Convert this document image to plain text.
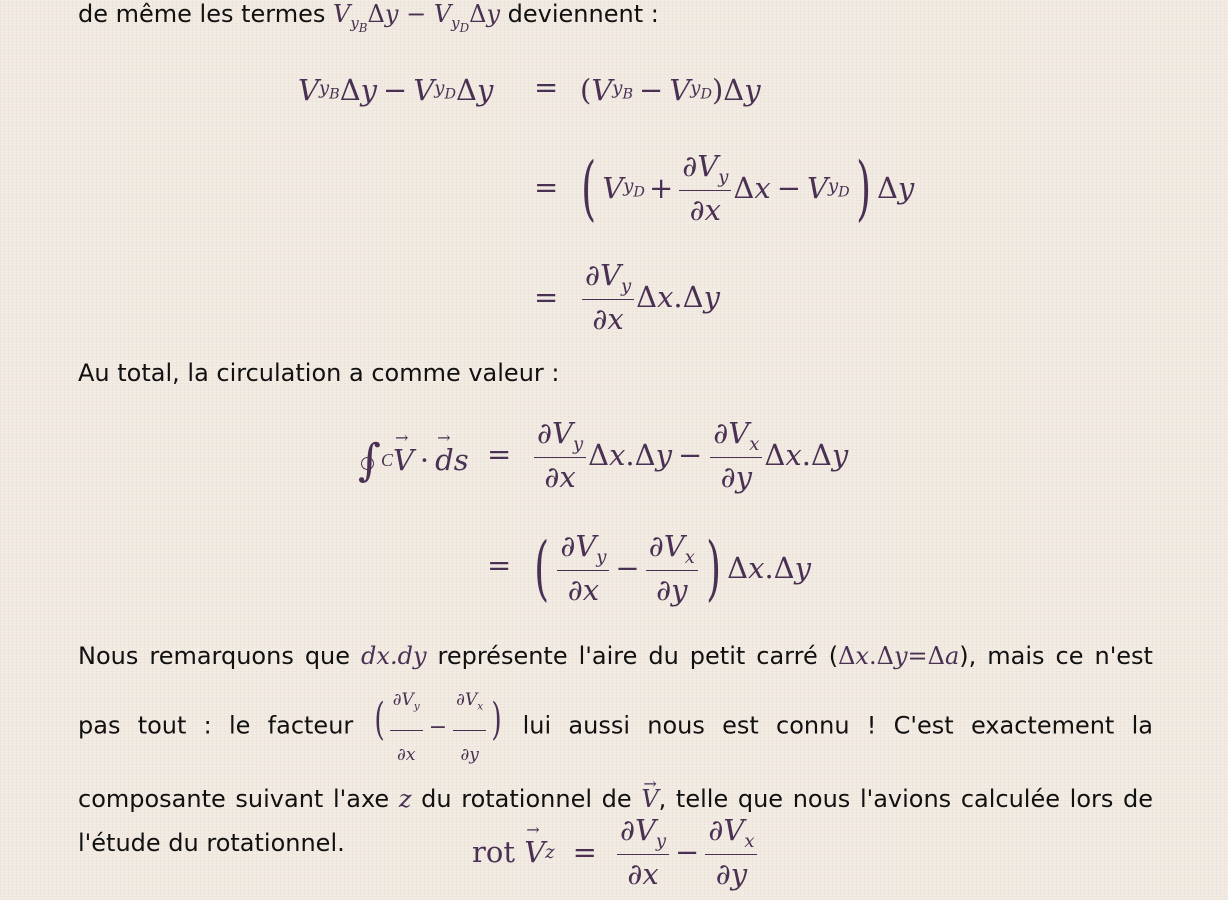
de même les termes $V_{y_B}\Delta y - V_{y_D}\Delta y$ deviennent :
V $y_B$ Δ y − V $y_D$ Δ y = ( V $y_B - V$ $y_D$ ) Δ y
= ( V $y_D + \frac{\partial V_y}{\partial x}$ Δ x − V $y_D$ ) Δ y
= $\frac{\partial V_y}{\partial x}$ Δ x . Δ y
Au total, la circulation a comme valeur :
∫ C → V · → ds = $\frac{\partial V_y}{\partial x}$ Δ x . Δ $y - \frac{\partial V_x}{\partial y}$ Δ x . Δ y
= ( $\frac{\partial V_y}{\partial x} - \frac{\partial V_x}{\partial y}$ ) Δ x . Δ y
Nous remarquons que dx.dy représente l'aire du petit carré (Δx.Δy=Δa), mais ce n'est pas tout : le facteur ( $\frac{\partial V_y}{\partial x} - \frac{\partial V_x}{\partial y}$ ) lui aussi nous est connu ! C'est exactement la composante suivant l'axe z du rotationnel de → V, telle que nous l'avions calculée lors de l'étude du rotationnel.	rot
→ V $z = \frac{\partial V_y}{\partial x} - \frac{\partial V_x}{\partial y}$
